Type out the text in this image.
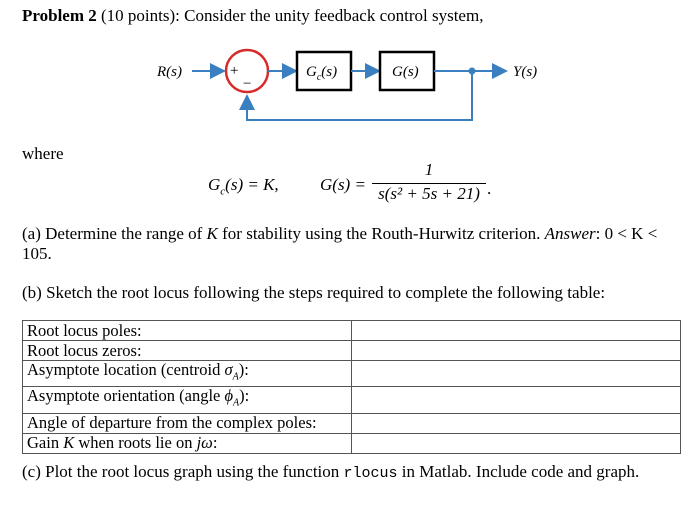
Problem 2 (10 points): Consider the unity feedback control system,
R(s)	+
−
$G_c(s)$	G(s)	Y(s)
where
$G_c(s) = K$, G(s) =
1
s(s² + 5s + 21) .
(a) Determine the range of K for stability using the Routh-Hurwitz criterion. Answer: 0 < K <
105.
(b) Sketch the root locus following the steps required to complete the following table:
Root locus poles:	
Root locus zeros:	
Asymptote location (centroid $\sigma_A$):	
Asymptote orientation (angle $\phi_A$):	
Angle of departure from the complex poles:	
Gain K when roots lie on jω:	
(c) Plot the root locus graph using the function rlocus in Matlab. Include code and graph.
